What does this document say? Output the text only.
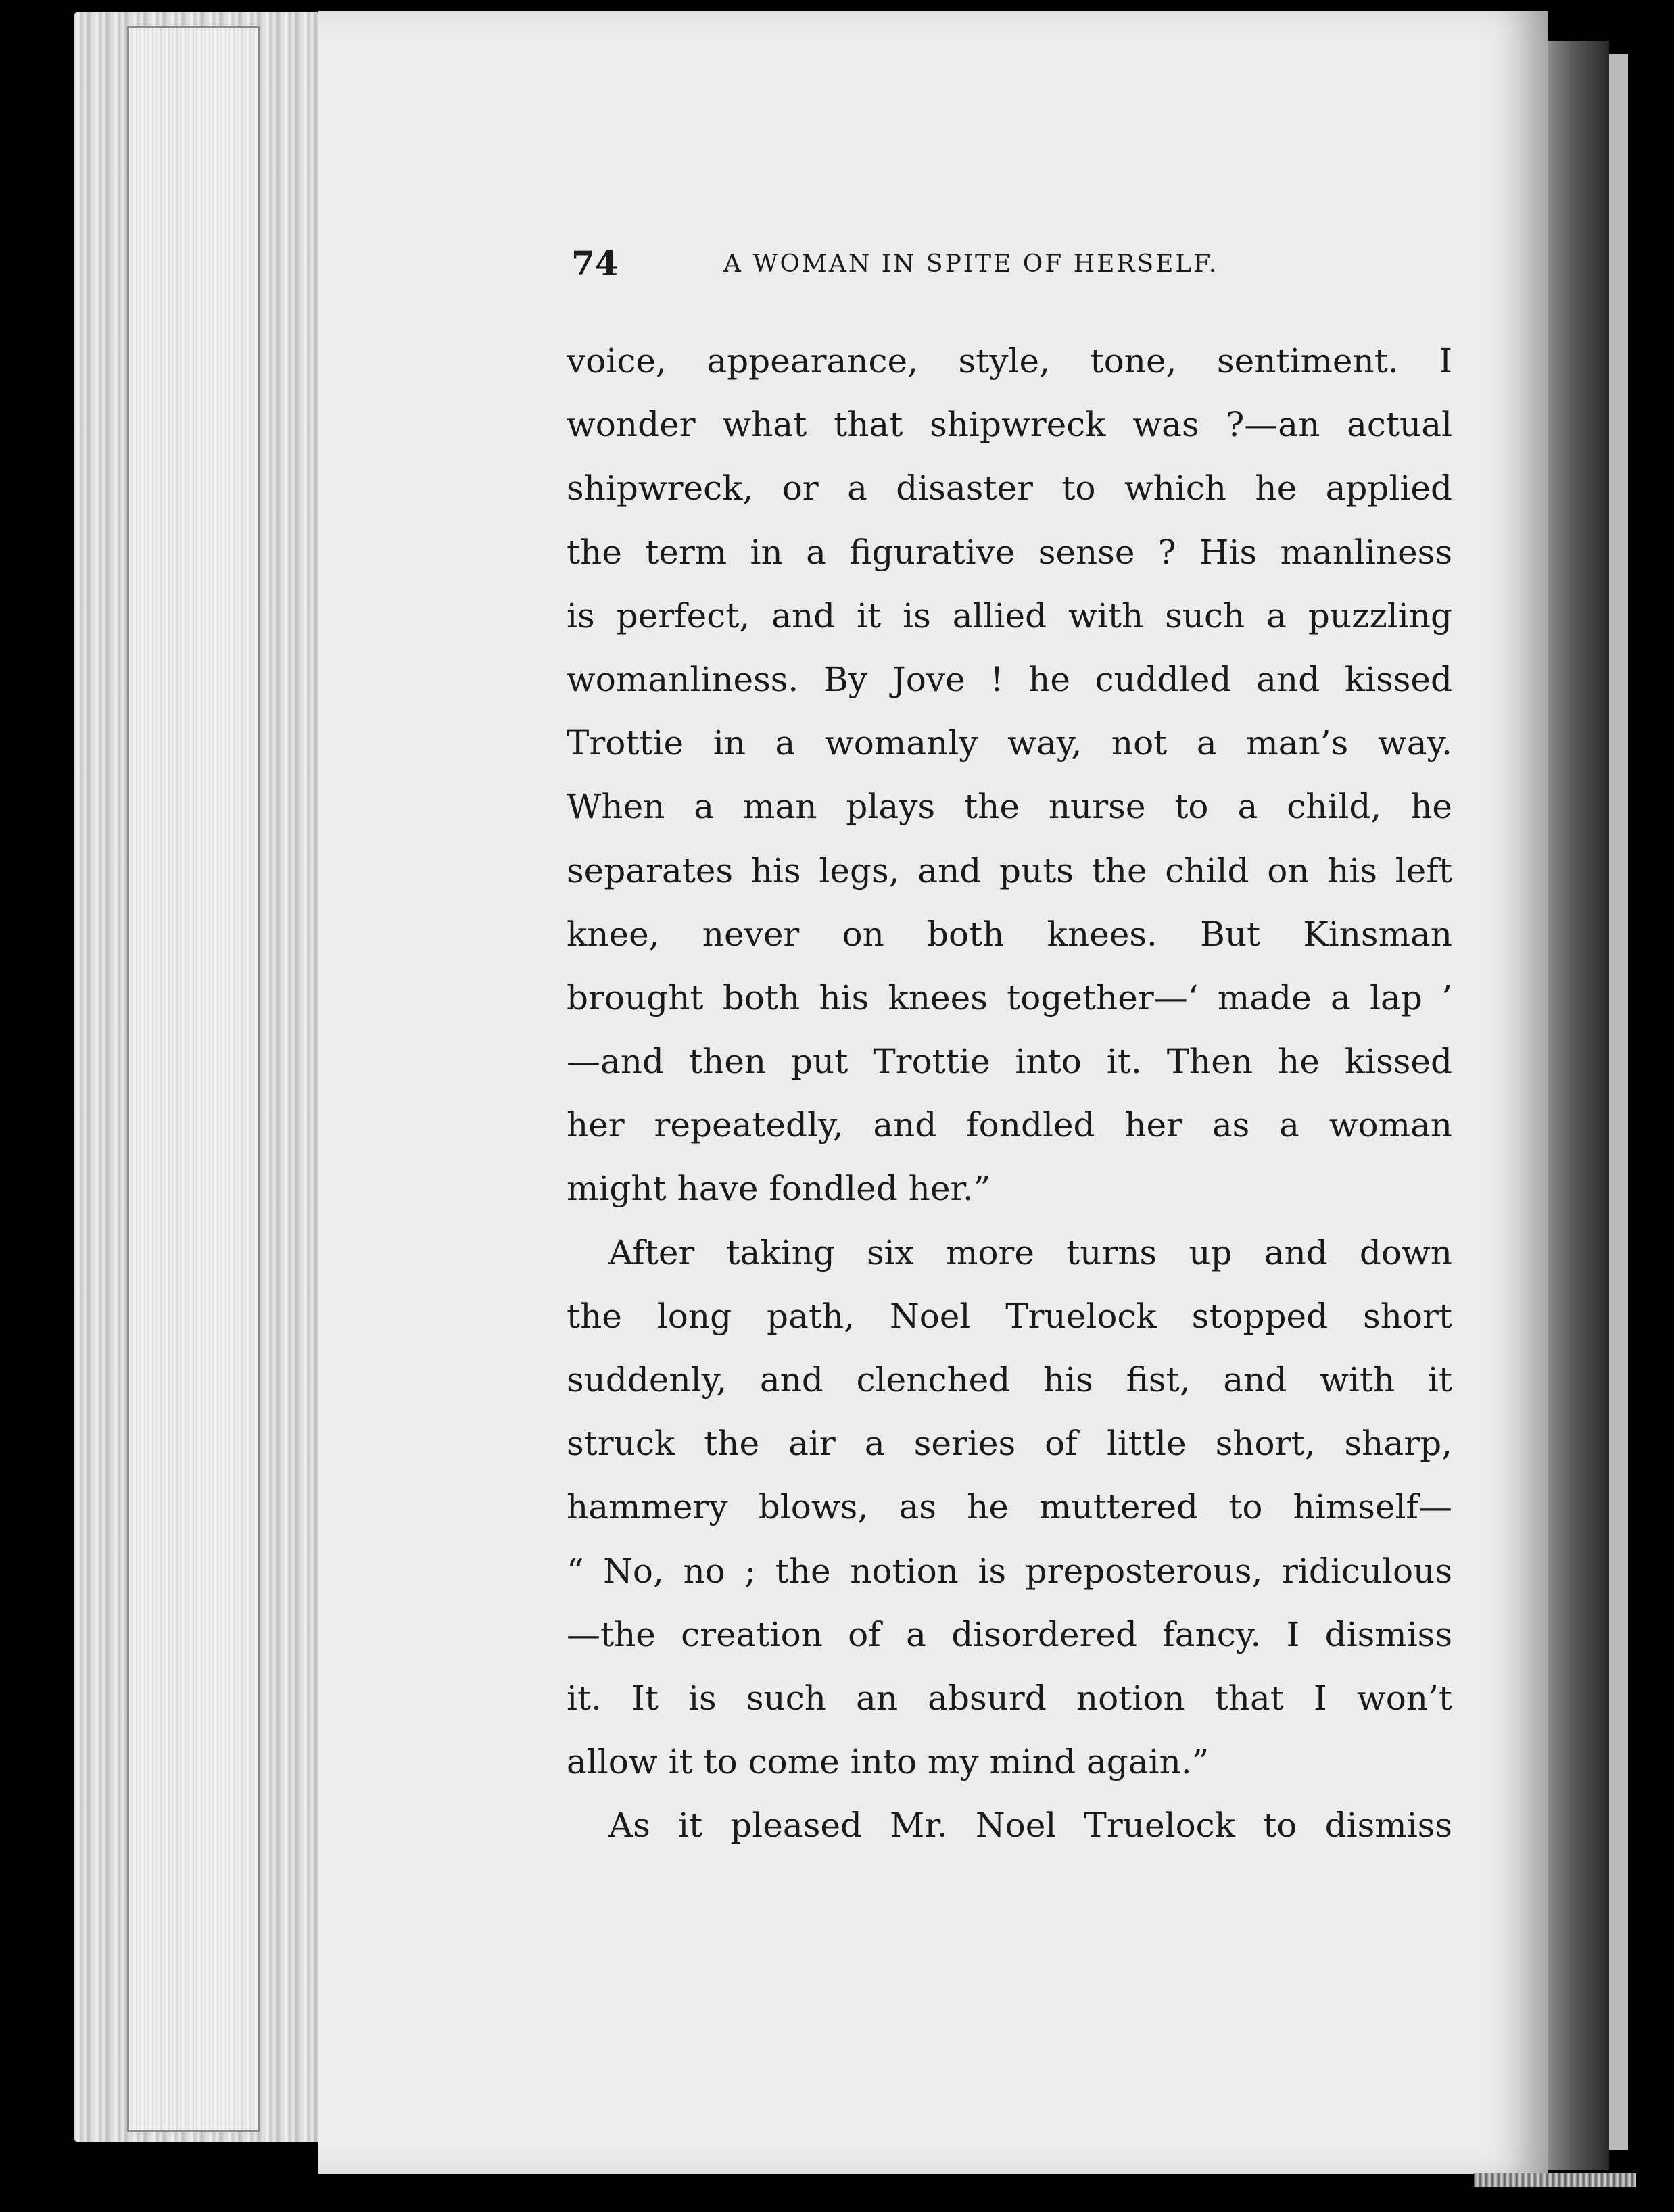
74	A WOMAN IN SPITE OF HERSELF.
voice, appearance, style, tone, sentiment. I
wonder what that shipwreck was ?—an actual
shipwreck, or a disaster to which he applied
the term in a figurative sense ? His manliness
is perfect, and it is allied with such a puzzling
womanliness. By Jove ! he cuddled and kissed
Trottie in a womanly way, not a man’s way.
When a man plays the nurse to a child, he
separates his legs, and puts the child on his left
knee, never on both knees. But Kinsman
brought both his knees together—‘ made a lap ’
—and then put Trottie into it. Then he kissed
her repeatedly, and fondled her as a woman
might have fondled her.”
After taking six more turns up and down
the long path, Noel Truelock stopped short
suddenly, and clenched his fist, and with it
struck the air a series of little short, sharp,
hammery blows, as he muttered to himself—
“ No, no ; the notion is preposterous, ridiculous
—the creation of a disordered fancy. I dismiss
it. It is such an absurd notion that I won’t
allow it to come into my mind again.”
As it pleased Mr. Noel Truelock to dismiss
